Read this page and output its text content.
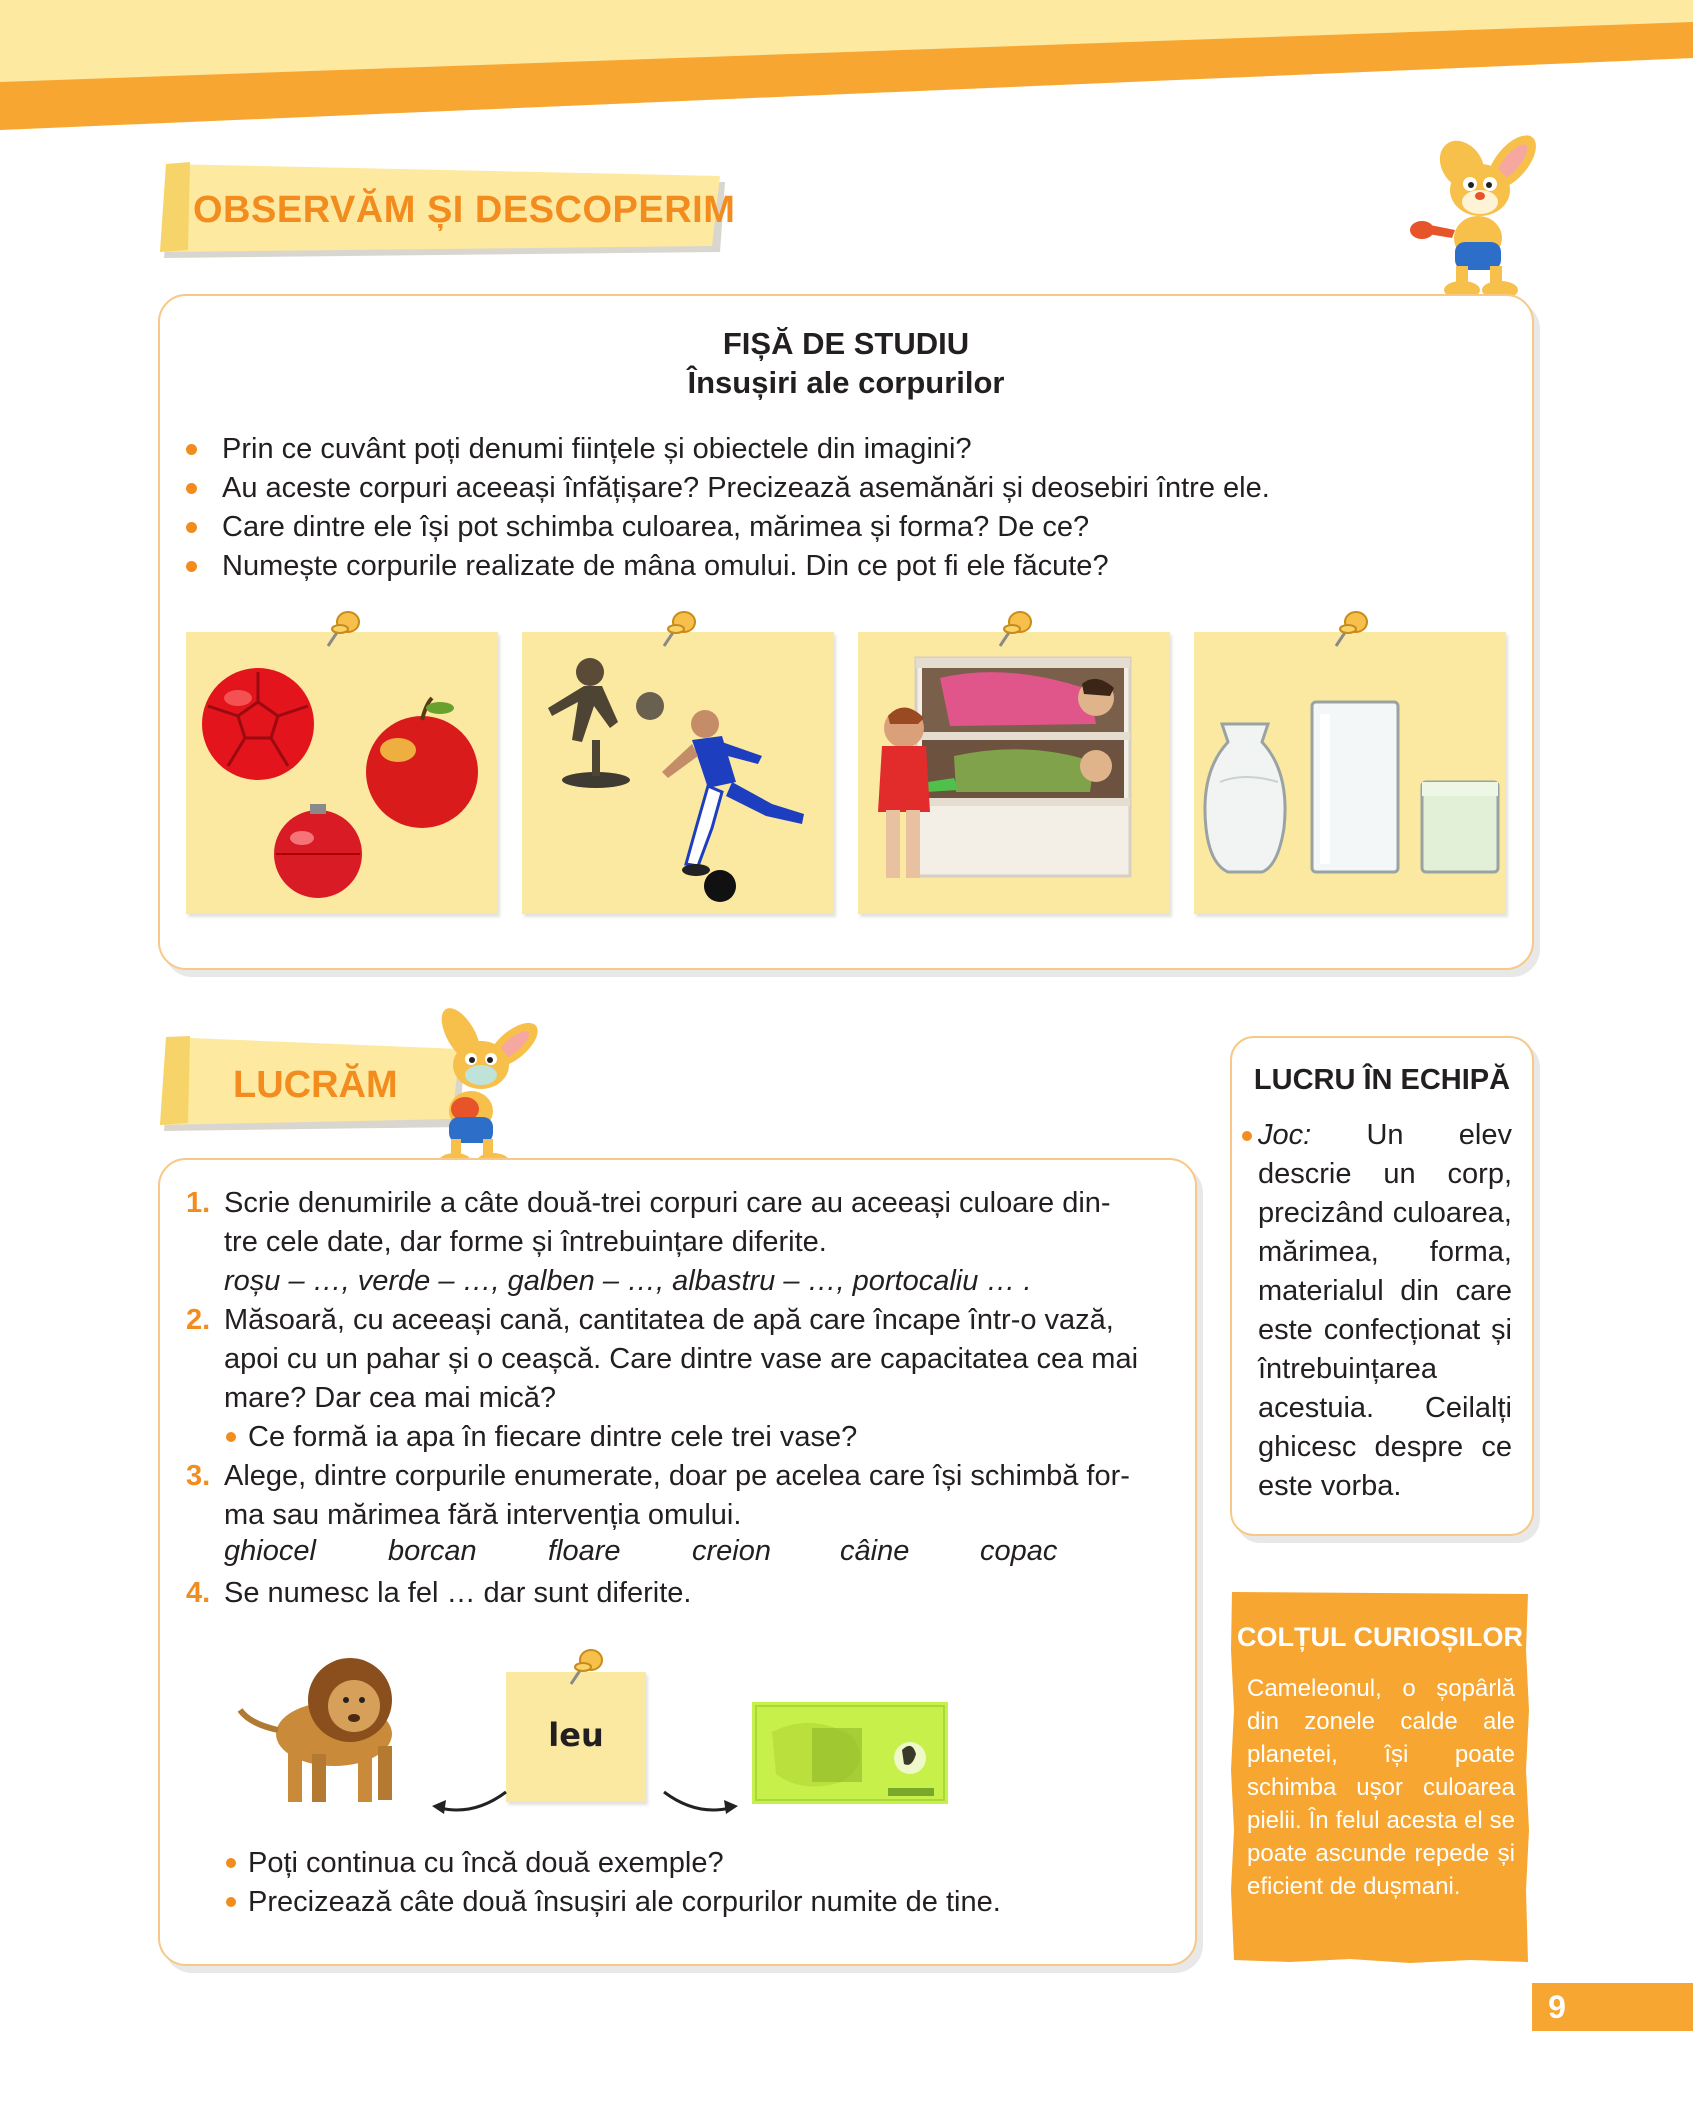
OBSERVĂM ȘI DESCOPERIM
FIȘĂ DE STUDIU
Însușiri ale corpurilor
Prin ce cuvânt poți denumi ființele și obiectele din imagini?
Au aceste corpuri aceeași înfățișare? Precizează asemănări și deosebiri între ele.
Care dintre ele își pot schimba culoarea, mărimea și forma? De ce?
Numește corpurile realizate de mâna omului. Din ce pot fi ele făcute?
LUCRĂM
1. Scrie denumirile a câte două-trei corpuri care au aceeași culoare din-
tre cele date, dar forme și întrebuințare diferite.
roșu – …, verde – …, galben – …, albastru – …, portocaliu … .
2. Măsoară, cu aceeași cană, cantitatea de apă care încape într-o vază,
apoi cu un pahar și o ceașcă. Care dintre vase are capacitatea cea mai
mare? Dar cea mai mică?
Ce formă ia apa în fiecare dintre cele trei vase?
3. Alege, dintre corpurile enumerate, doar pe acelea care își schimbă for-
ma sau mărimea fără intervenția omului.
ghiocel borcan floare creion câine copac
4. Se numesc la fel … dar sunt diferite.
leu
Poți continua cu încă două exemple?
Precizează câte două însușiri ale corpurilor numite de tine.
LUCRU ÎN ECHIPĂ
Joc: Un elev descrie un corp, precizând culoarea, mărimea, forma, materialul din care este confecționat și întrebuințarea acestuia. Ceilalți ghicesc despre ce este vorba.
COLȚUL CURIOȘILOR
Cameleonul, o șopârlă din zonele calde ale planetei, își poate schimba ușor culoarea pielii. În felul acesta el se poate ascunde repede și eficient de dușmani.
9
